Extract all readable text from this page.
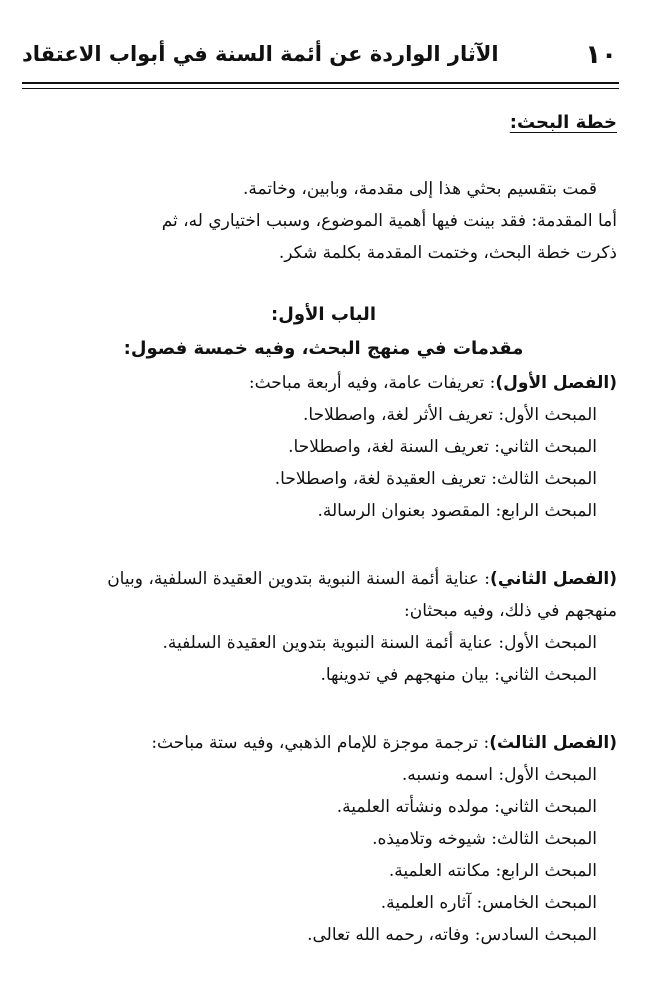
١٠
الآثار الواردة عن أئمة السنة في أبواب الاعتقاد
خطة البحث:
قمت بتقسيم بحثي هذا إلى مقدمة، وبابين، وخاتمة.
أما المقدمة: فقد بينت فيها أهمية الموضوع، وسبب اختياري له، ثم
ذكرت خطة البحث، وختمت المقدمة بكلمة شكر.
الباب الأول:
مقدمات في منهج البحث، وفيه خمسة فصول:
(الفصل الأول): تعريفات عامة، وفيه أربعة مباحث:
المبحث الأول: تعريف الأثر لغة، واصطلاحا.
المبحث الثاني: تعريف السنة لغة، واصطلاحا.
المبحث الثالث: تعريف العقيدة لغة، واصطلاحا.
المبحث الرابع: المقصود بعنوان الرسالة.
(الفصل الثاني): عناية أئمة السنة النبوية بتدوين العقيدة السلفية، وبيان
منهجهم في ذلك، وفيه مبحثان:
المبحث الأول: عناية أئمة السنة النبوية بتدوين العقيدة السلفية.
المبحث الثاني: بيان منهجهم في تدوينها.
(الفصل الثالث): ترجمة موجزة للإمام الذهبي، وفيه ستة مباحث:
المبحث الأول: اسمه ونسبه.
المبحث الثاني: مولده ونشأته العلمية.
المبحث الثالث: شيوخه وتلاميذه.
المبحث الرابع: مكانته العلمية.
المبحث الخامس: آثاره العلمية.
المبحث السادس: وفاته، رحمه الله تعالى.
